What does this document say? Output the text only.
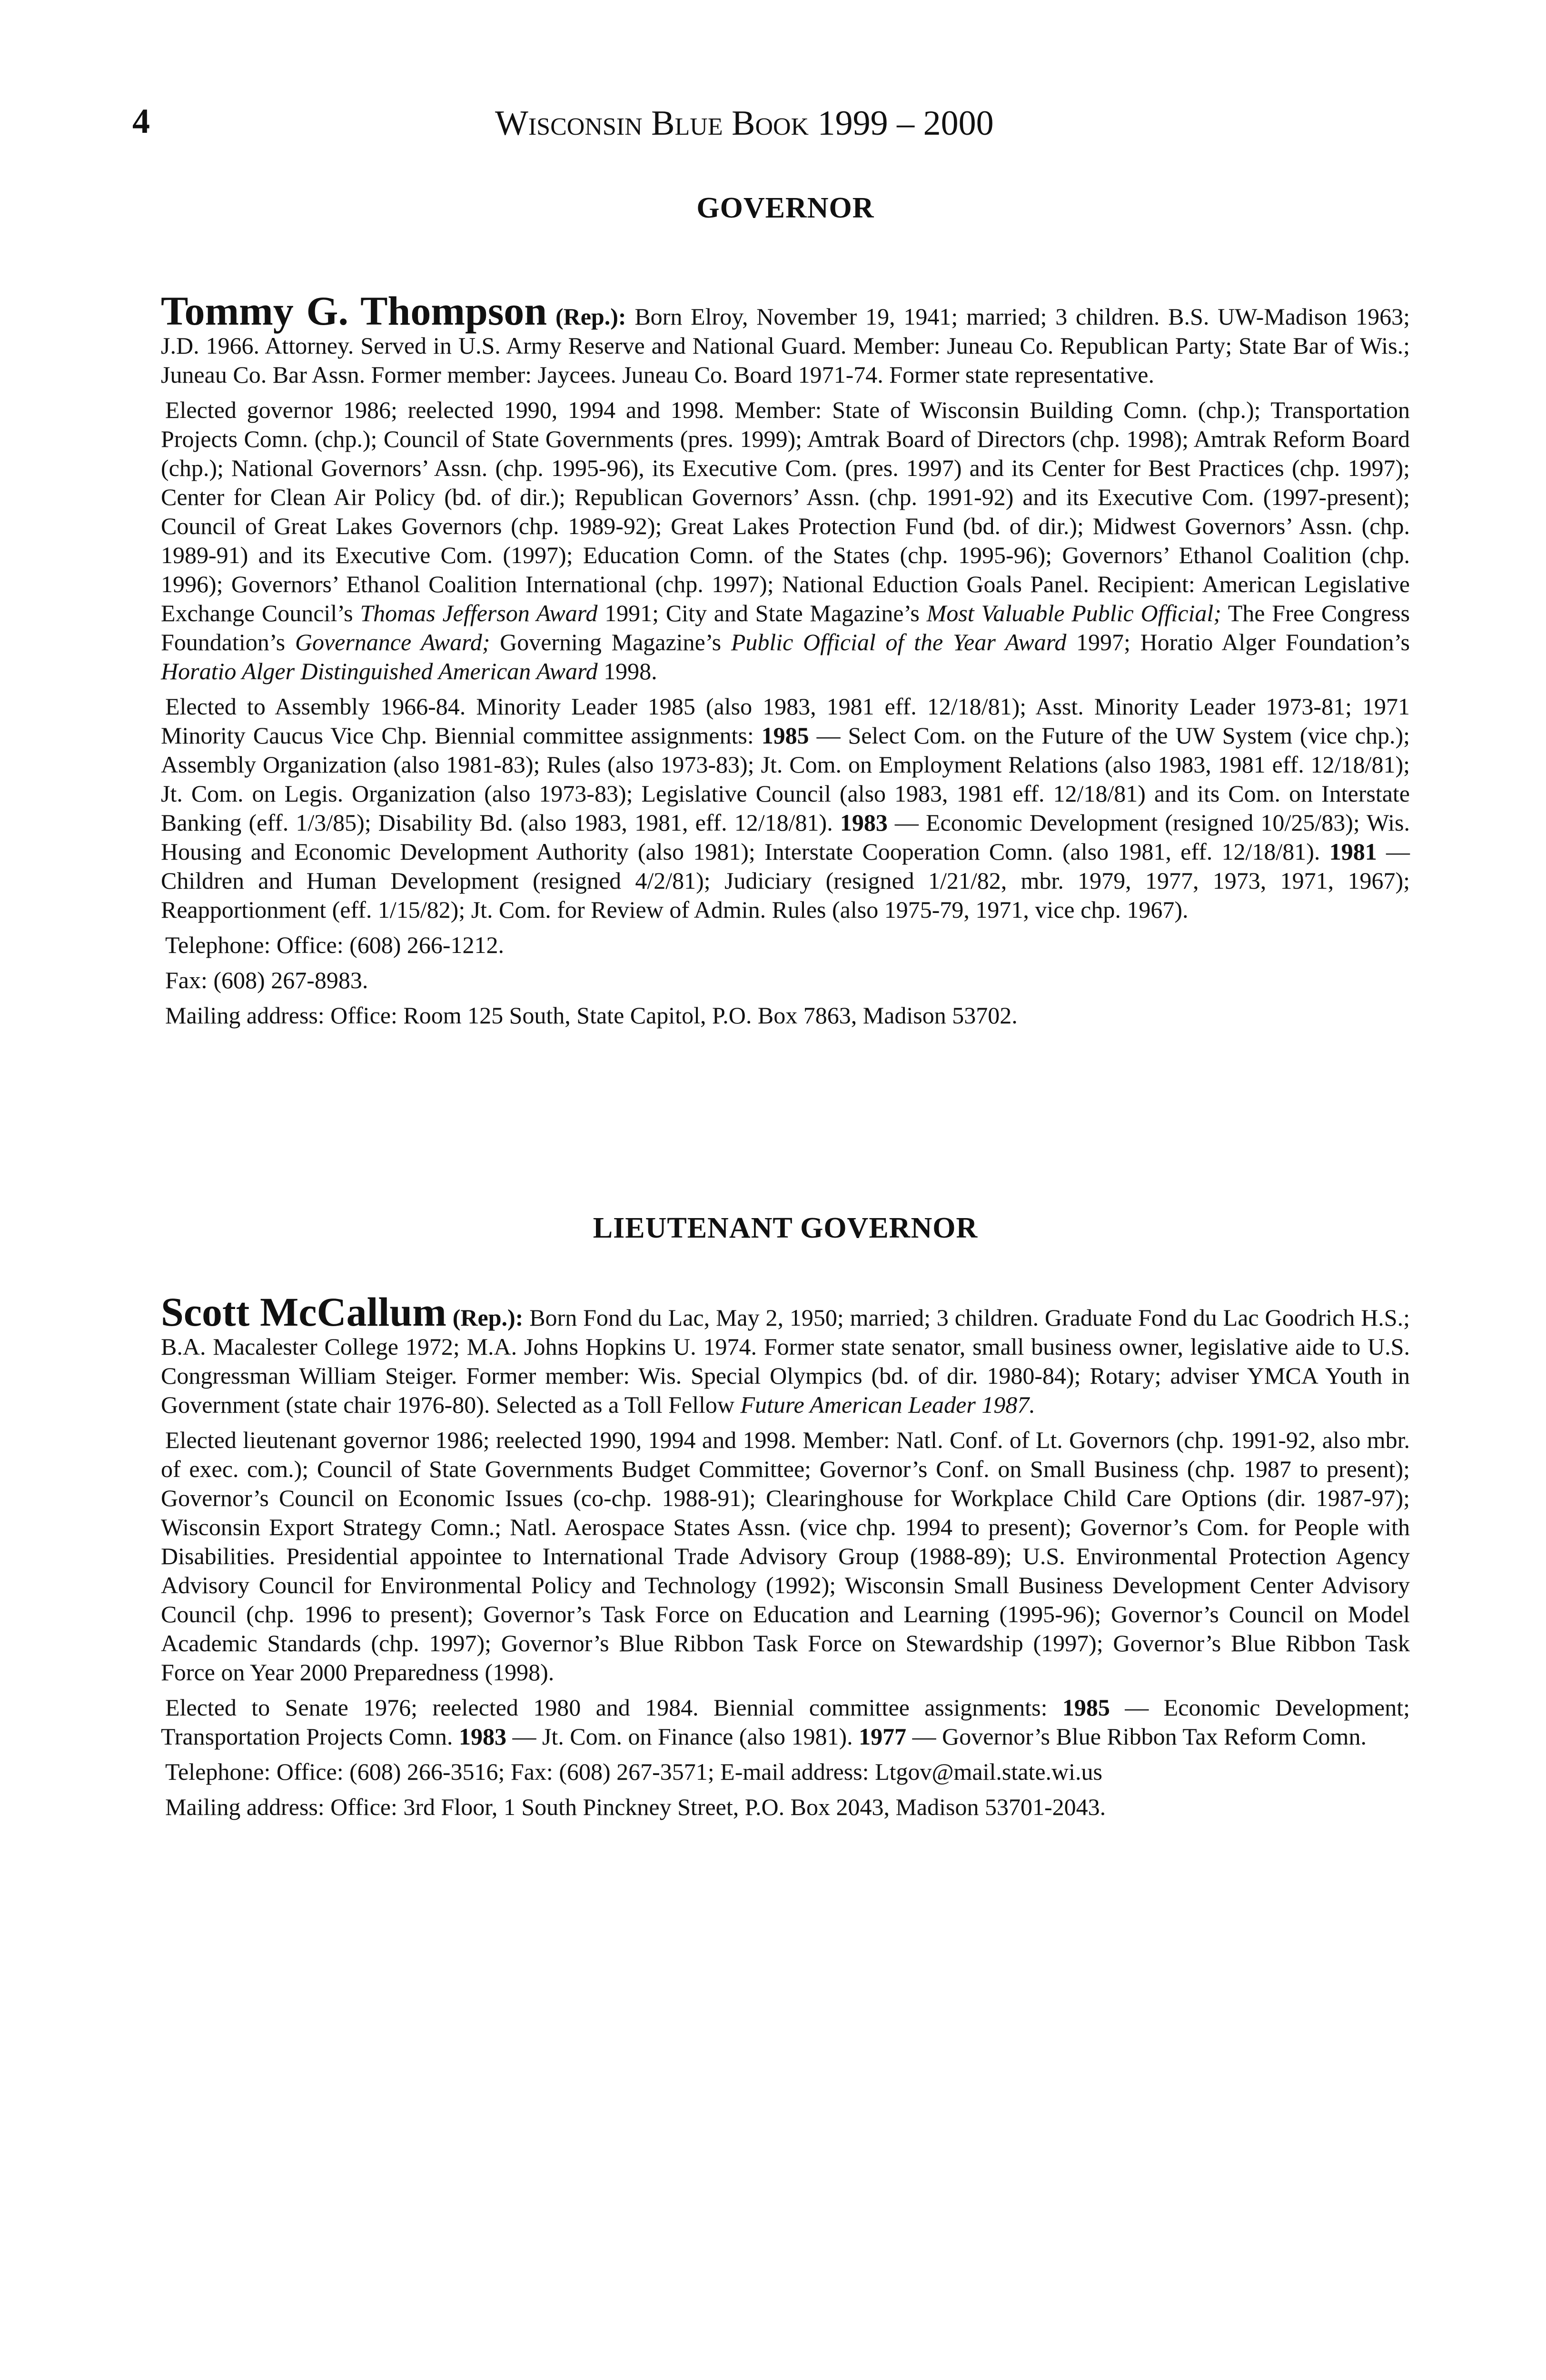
4	Wisconsin Blue Book 1999 – 2000
GOVERNOR

Tommy G. Thompson (Rep.): Born Elroy, November 19, 1941; married; 3 children. B.S. UW-Madison 1963; J.D. 1966. Attorney. Served in U.S. Army Reserve and National Guard. Member: Juneau Co. Republican Party; State Bar of Wis.; Juneau Co. Bar Assn. Former member: Jaycees. Juneau Co. Board 1971-74. Former state representative.

Elected governor 1986; reelected 1990, 1994 and 1998. Member: State of Wisconsin Building Comn. (chp.); Transportation Projects Comn. (chp.); Council of State Governments (pres. 1999); Amtrak Board of Directors (chp. 1998); Amtrak Reform Board (chp.); National Governors’ Assn. (chp. 1995-96), its Executive Com. (pres. 1997) and its Center for Best Practices (chp. 1997); Center for Clean Air Policy (bd. of dir.); Republican Governors’ Assn. (chp. 1991-92) and its Executive Com. (1997-present); Council of Great Lakes Governors (chp. 1989-92); Great Lakes Protection Fund (bd. of dir.); Midwest Governors’ Assn. (chp. 1989-91) and its Executive Com. (1997); Education Comn. of the States (chp. 1995-96); Governors’ Ethanol Coalition (chp. 1996); Governors’ Ethanol Coalition International (chp. 1997); National Eduction Goals Panel. Recipient: American Legislative Exchange Council’s Thomas Jefferson Award 1991; City and State Magazine’s Most Valuable Public Official; The Free Congress Foundation’s Governance Award; Governing Magazine’s Public Official of the Year Award 1997; Horatio Alger Foundation’s Horatio Alger Distinguished American Award 1998.

Elected to Assembly 1966-84. Minority Leader 1985 (also 1983, 1981 eff. 12/18/81); Asst. Minority Leader 1973-81; 1971 Minority Caucus Vice Chp. Biennial committee assignments: 1985 — Select Com. on the Future of the UW System (vice chp.); Assembly Organization (also 1981-83); Rules (also 1973-83); Jt. Com. on Employment Relations (also 1983, 1981 eff. 12/18/81); Jt. Com. on Legis. Organization (also 1973-83); Legislative Council (also 1983, 1981 eff. 12/18/81) and its Com. on Interstate Banking (eff. 1/3/85); Disability Bd. (also 1983, 1981, eff. 12/18/81). 1983 — Economic Development (resigned 10/25/83); Wis. Housing and Economic Development Authority (also 1981); Interstate Cooperation Comn. (also 1981, eff. 12/18/81). 1981 — Children and Human Development (resigned 4/2/81); Judiciary (resigned 1/21/82, mbr. 1979, 1977, 1973, 1971, 1967); Reapportionment (eff. 1/15/82); Jt. Com. for Review of Admin. Rules (also 1975-79, 1971, vice chp. 1967).

Telephone: Office: (608) 266-1212.

Fax: (608) 267-8983.

Mailing address: Office: Room 125 South, State Capitol, P.O. Box 7863, Madison 53702.

LIEUTENANT GOVERNOR

Scott McCallum (Rep.): Born Fond du Lac, May 2, 1950; married; 3 children. Graduate Fond du Lac Goodrich H.S.; B.A. Macalester College 1972; M.A. Johns Hopkins U. 1974. Former state senator, small business owner, legislative aide to U.S. Congressman William Steiger. Former member: Wis. Special Olympics (bd. of dir. 1980-84); Rotary; adviser YMCA Youth in Government (state chair 1976-80). Selected as a Toll Fellow Future American Leader 1987.

Elected lieutenant governor 1986; reelected 1990, 1994 and 1998. Member: Natl. Conf. of Lt. Governors (chp. 1991-92, also mbr. of exec. com.); Council of State Governments Budget Committee; Governor’s Conf. on Small Business (chp. 1987 to present); Governor’s Council on Economic Issues (co-chp. 1988-91); Clearinghouse for Workplace Child Care Options (dir. 1987-97); Wisconsin Export Strategy Comn.; Natl. Aerospace States Assn. (vice chp. 1994 to present); Governor’s Com. for People with Disabilities. Presidential appointee to International Trade Advisory Group (1988-89); U.S. Environmental Protection Agency Advisory Council for Environmental Policy and Technology (1992); Wisconsin Small Business Development Center Advisory Council (chp. 1996 to present); Governor’s Task Force on Education and Learning (1995-96); Governor’s Council on Model Academic Standards (chp. 1997); Governor’s Blue Ribbon Task Force on Stewardship (1997); Governor’s Blue Ribbon Task Force on Year 2000 Preparedness (1998).

Elected to Senate 1976; reelected 1980 and 1984. Biennial committee assignments: 1985 — Economic Development; Transportation Projects Comn. 1983 — Jt. Com. on Finance (also 1981). 1977 — Governor’s Blue Ribbon Tax Reform Comn.

Telephone: Office: (608) 266-3516; Fax: (608) 267-3571; E-mail address: Ltgov@mail.state.wi.us

Mailing address: Office: 3rd Floor, 1 South Pinckney Street, P.O. Box 2043, Madison 53701-2043.
